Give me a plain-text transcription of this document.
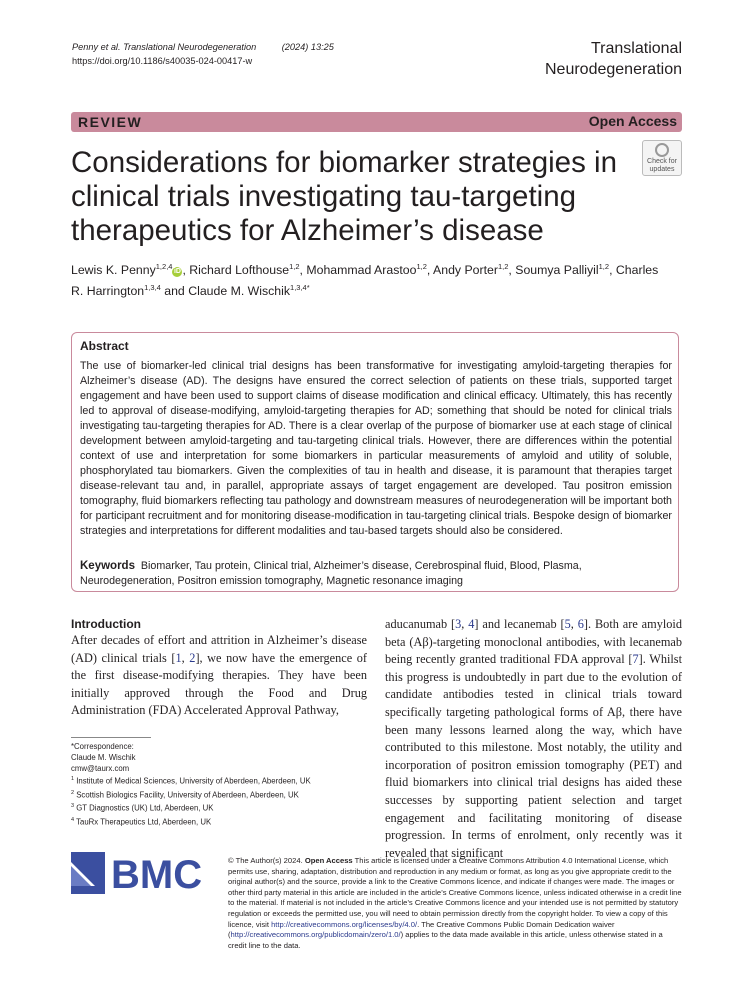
Penny et al. Translational Neurodegeneration	(2024) 13:25
https://doi.org/10.1186/s40035-024-00417-w
Translational
Neurodegeneration
REVIEW	Open Access
Considerations for biomarker strategies in clinical trials investigating tau-targeting therapeutics for Alzheimer’s disease
Check for
updates
Lewis K. Penny$^{1,2,4}$iD , Richard Lofthouse$^{1,2}$, Mohammad Arastoo$^{1,2}$, Andy Porter$^{1,2}$, Soumya Palliyil$^{1,2}$, Charles R. Harrington$^{1,3,4}$ and Claude M. Wischik$^{1,3,4*}$
Abstract
The use of biomarker-led clinical trial designs has been transformative for investigating amyloid-targeting therapies for Alzheimer’s disease (AD). The designs have ensured the correct selection of patients on these trials, supported target engagement and have been used to support claims of disease modification and clinical efficacy. Ultimately, this has recently led to approval of disease-modifying, amyloid-targeting therapies for AD; something that should be noted for clinical trials investigating tau-targeting therapies for AD. There is a clear overlap of the purpose of biomarker use at each stage of clinical development between amyloid-targeting and tau-targeting clinical trials. However, there are differences within the potential context of use and interpretation for some biomarkers in particular measurements of amyloid and utility of soluble, phosphorylated tau biomarkers. Given the complexities of tau in health and disease, it is paramount that therapies target disease-relevant tau and, in parallel, appropriate assays of target engagement are developed. Tau positron emission tomography, fluid biomarkers reflecting tau pathology and downstream measures of neurodegeneration will be important both for participant recruitment and for monitoring disease-modification in tau-targeting clinical trials. Bespoke design of biomarker strategies and interpretations for different modalities and tau-based targets should also be considered.
Keywords Biomarker, Tau protein, Clinical trial, Alzheimer’s disease, Cerebrospinal fluid, Blood, Plasma, Neurodegeneration, Positron emission tomography, Magnetic resonance imaging
Introduction
After decades of effort and attrition in Alzheimer’s disease (AD) clinical trials [1, 2], we now have the emergence of the first disease-modifying therapies. They have been initially approved through the Food and Drug Administration (FDA) Accelerated Approval Pathway,
aducanumab [3, 4] and lecanemab [5, 6]. Both are amyloid beta (Aβ)-targeting monoclonal antibodies, with lecanemab being recently granted traditional FDA approval [7]. Whilst this progress is undoubtedly in part due to the evolution of candidate antibodies tested in clinical trials toward specifically targeting pathological forms of Aβ, there have been many lessons learned along the way, which have contributed to this milestone. Most notably, the utility and incorporation of positron emission tomography (PET) and fluid biomarkers into clinical trial designs has aided these successes by supporting patient selection and target engagement and facilitating monitoring of disease progression. In terms of enrolment, only recently was it revealed that significant
*Correspondence:
Claude M. Wischik
cmw@taurx.com
$^1$ Institute of Medical Sciences, University of Aberdeen, Aberdeen, UK
$^2$ Scottish Biologics Facility, University of Aberdeen, Aberdeen, UK
$^3$ GT Diagnostics (UK) Ltd, Aberdeen, UK
$^4$ TauRx Therapeutics Ltd, Aberdeen, UK
BMC	© The Author(s) 2024. Open Access This article is licensed under a Creative Commons Attribution 4.0 International License, which permits use, sharing, adaptation, distribution and reproduction in any medium or format, as long as you give appropriate credit to the original author(s) and the source, provide a link to the Creative Commons licence, and indicate if changes were made. The images or other third party material in this article are included in the article’s Creative Commons licence, unless indicated otherwise in a credit line to the material. If material is not included in the article’s Creative Commons licence and your intended use is not permitted by statutory regulation or exceeds the permitted use, you will need to obtain permission directly from the copyright holder. To view a copy of this licence, visit http://creativecommons.org/licenses/by/4.0/. The Creative Commons Public Domain Dedication waiver (http://creativecommons.org/publicdomain/zero/1.0/) applies to the data made available in this article, unless otherwise stated in a credit line to the data.
